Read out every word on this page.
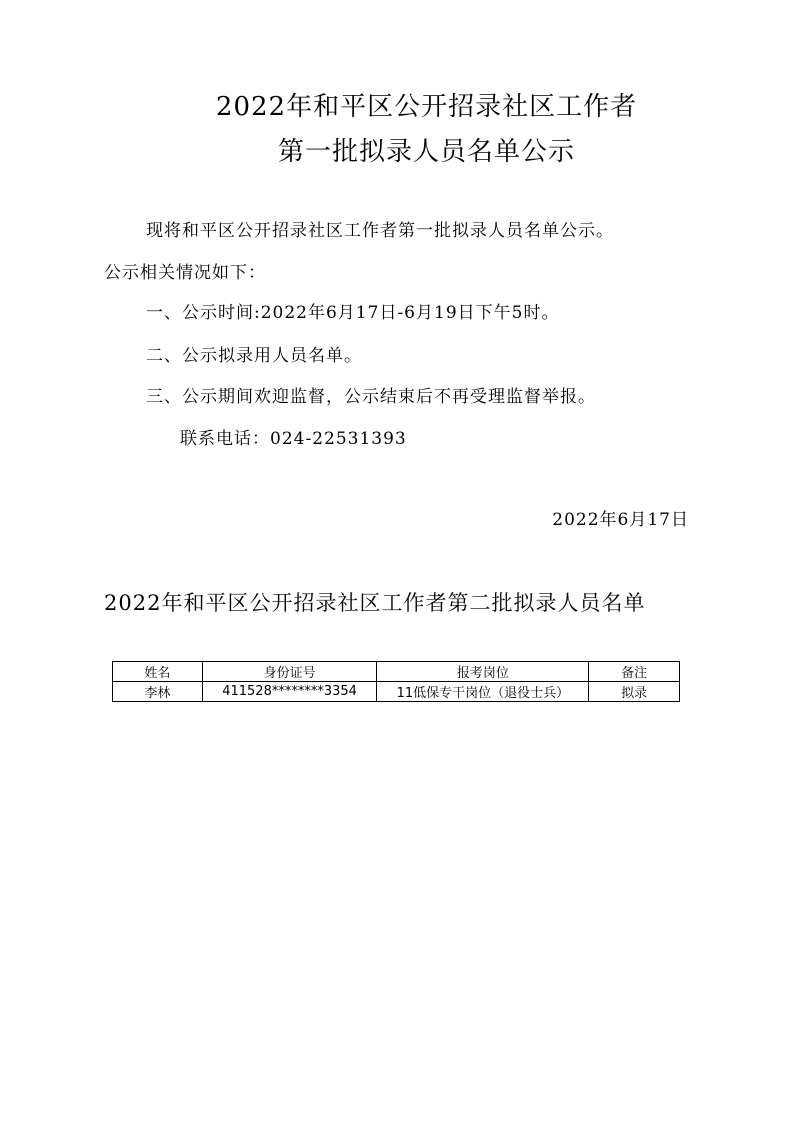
2022年和平区公开招录社区工作者
第一批拟录人员名单公示
现将和平区公开招录社区工作者第一批拟录人员名单公示。
公示相关情况如下：
一、公示时间:2022年6月17日-6月19日下午5时。
二、公示拟录用人员名单。
三、公示期间欢迎监督，公示结束后不再受理监督举报。
联系电话：024-22531393
2022年6月17日
2022年和平区公开招录社区工作者第二批拟录人员名单
姓名	身份证号	报考岗位	备注
李林	411528********3354	11低保专干岗位（退役士兵）	拟录
